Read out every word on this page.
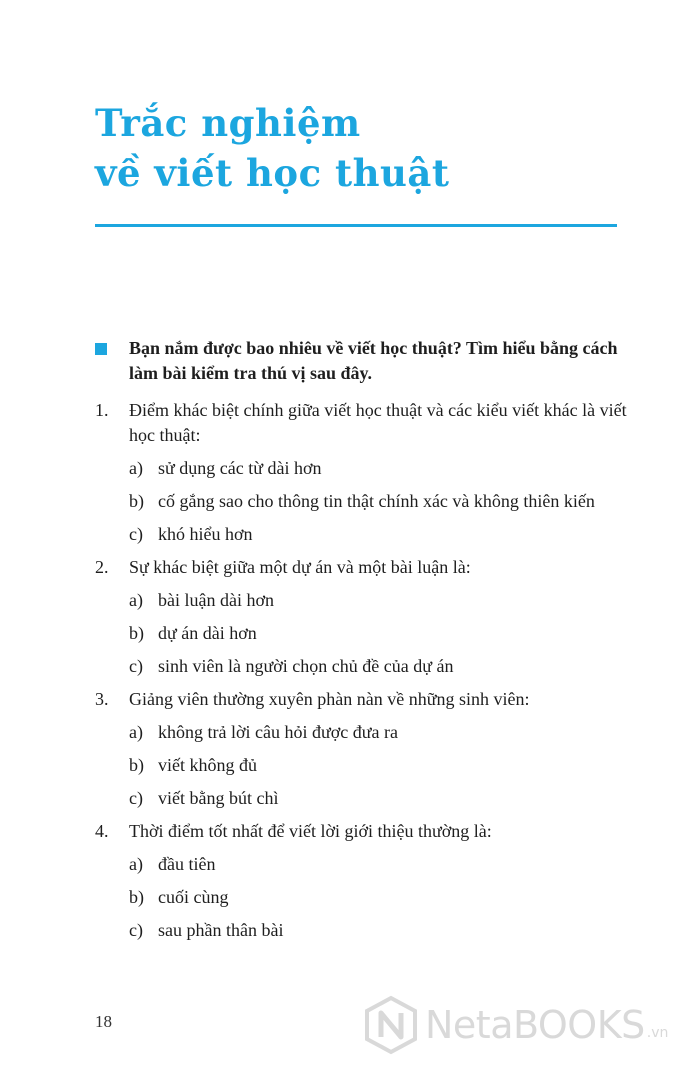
Trắc nghiệm
về viết học thuật
Bạn nắm được bao nhiêu về viết học thuật? Tìm hiểu bằng cách làm bài kiểm tra thú vị sau đây.
1. Điểm khác biệt chính giữa viết học thuật và các kiểu viết khác là viết học thuật:
a) sử dụng các từ dài hơn
b) cố gắng sao cho thông tin thật chính xác và không thiên kiến
c) khó hiểu hơn
2. Sự khác biệt giữa một dự án và một bài luận là:
a) bài luận dài hơn
b) dự án dài hơn
c) sinh viên là người chọn chủ đề của dự án
3. Giảng viên thường xuyên phàn nàn về những sinh viên:
a) không trả lời câu hỏi được đưa ra
b) viết không đủ
c) viết bằng bút chì
4. Thời điểm tốt nhất để viết lời giới thiệu thường là:
a) đầu tiên
b) cuối cùng
c) sau phần thân bài
18	NetaBOOKS .vn
